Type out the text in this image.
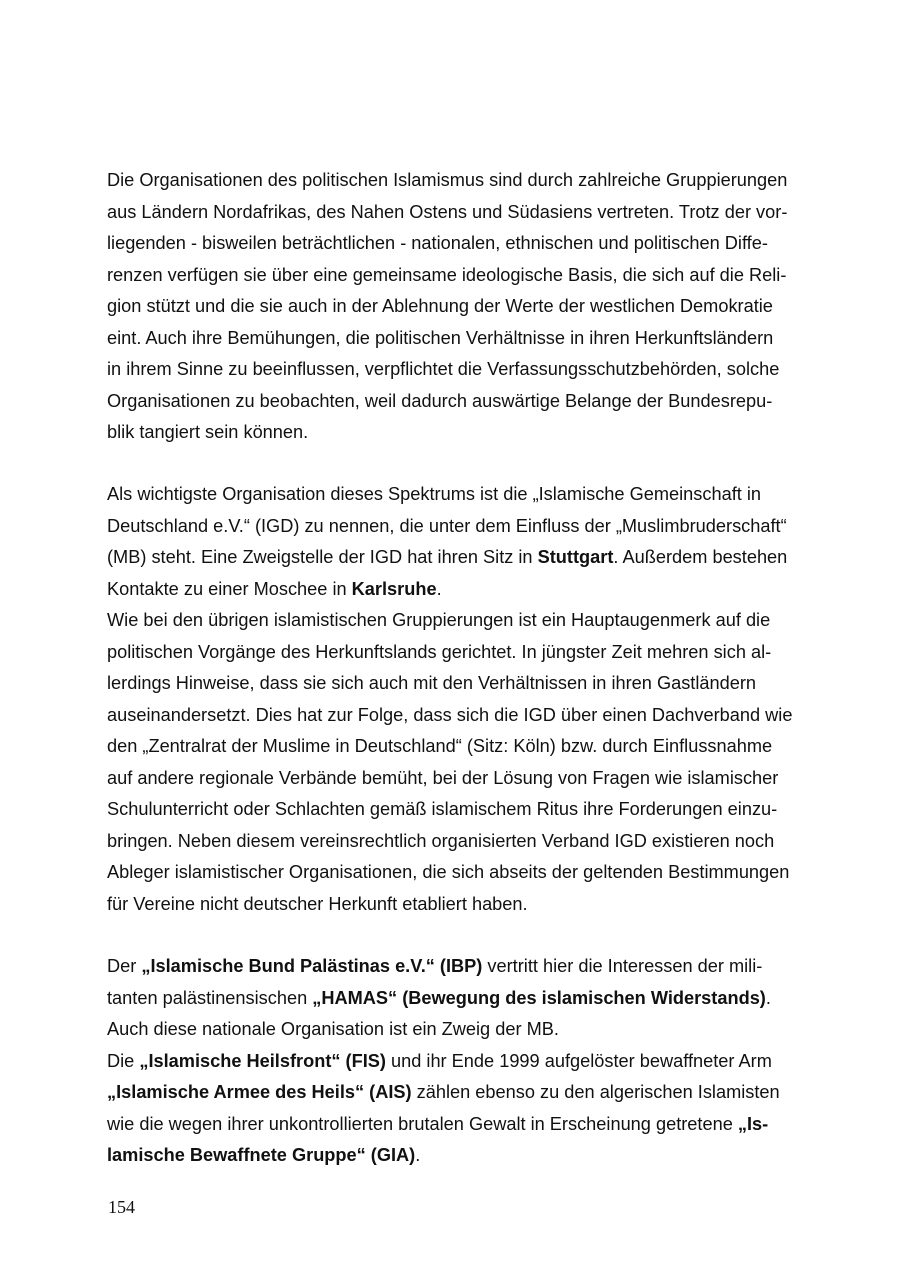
Die Organisationen des politischen Islamismus sind durch zahlreiche Gruppierungen
aus Ländern Nordafrikas, des Nahen Ostens und Südasiens vertreten. Trotz der vor-
liegenden - bisweilen beträchtlichen - nationalen, ethnischen und politischen Diffe-
renzen verfügen sie über eine gemeinsame ideologische Basis, die sich auf die Reli-
gion stützt und die sie auch in der Ablehnung der Werte der westlichen Demokratie
eint. Auch ihre Bemühungen, die politischen Verhältnisse in ihren Herkunftsländern
in ihrem Sinne zu beeinflussen, verpflichtet die Verfassungsschutzbehörden, solche
Organisationen zu beobachten, weil dadurch auswärtige Belange der Bundesrepu-
blik tangiert sein können.
Als wichtigste Organisation dieses Spektrums ist die „Islamische Gemeinschaft in
Deutschland e.V.“ (IGD) zu nennen, die unter dem Einfluss der „Muslimbruderschaft“
(MB) steht. Eine Zweigstelle der IGD hat ihren Sitz in Stuttgart. Außerdem bestehen
Kontakte zu einer Moschee in Karlsruhe.
Wie bei den übrigen islamistischen Gruppierungen ist ein Hauptaugenmerk auf die
politischen Vorgänge des Herkunftslands gerichtet. In jüngster Zeit mehren sich al-
lerdings Hinweise, dass sie sich auch mit den Verhältnissen in ihren Gastländern
auseinandersetzt. Dies hat zur Folge, dass sich die IGD über einen Dachverband wie
den „Zentralrat der Muslime in Deutschland“ (Sitz: Köln) bzw. durch Einflussnahme
auf andere regionale Verbände bemüht, bei der Lösung von Fragen wie islamischer
Schulunterricht oder Schlachten gemäß islamischem Ritus ihre Forderungen einzu-
bringen. Neben diesem vereinsrechtlich organisierten Verband IGD existieren noch
Ableger islamistischer Organisationen, die sich abseits der geltenden Bestimmungen
für Vereine nicht deutscher Herkunft etabliert haben.
Der „Islamische Bund Palästinas e.V.“ (IBP) vertritt hier die Interessen der mili-
tanten palästinensischen „HAMAS“ (Bewegung des islamischen Widerstands).
Auch diese nationale Organisation ist ein Zweig der MB.
Die „Islamische Heilsfront“ (FIS) und ihr Ende 1999 aufgelöster bewaffneter Arm
„Islamische Armee des Heils“ (AIS) zählen ebenso zu den algerischen Islamisten
wie die wegen ihrer unkontrollierten brutalen Gewalt in Erscheinung getretene „Is-
lamische Bewaffnete Gruppe“ (GIA).
154
